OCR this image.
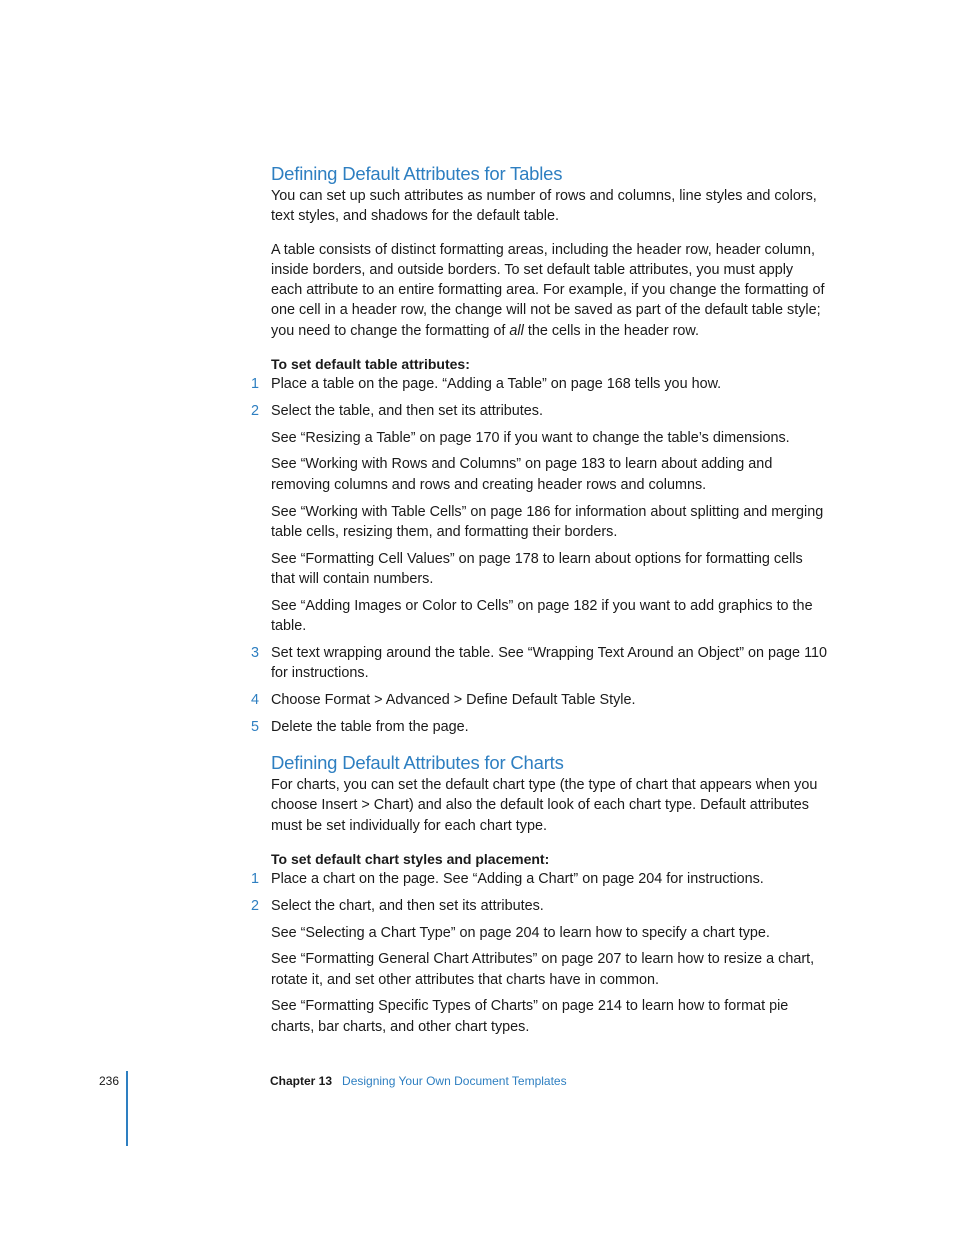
Defining Default Attributes for Tables

You can set up such attributes as number of rows and columns, line styles and colors, text styles, and shadows for the default table.

A table consists of distinct formatting areas, including the header row, header column, inside borders, and outside borders. To set default table attributes, you must apply each attribute to an entire formatting area. For example, if you change the formatting of one cell in a header row, the change will not be saved as part of the default table style; you need to change the formatting of all the cells in the header row.

To set default table attributes:

1 Place a table on the page. “Adding a Table” on page 168 tells you how.

2 Select the table, and then set its attributes.

See “Resizing a Table” on page 170 if you want to change the table’s dimensions.

See “Working with Rows and Columns” on page 183 to learn about adding and removing columns and rows and creating header rows and columns.

See “Working with Table Cells” on page 186 for information about splitting and merging table cells, resizing them, and formatting their borders.

See “Formatting Cell Values” on page 178 to learn about options for formatting cells that will contain numbers.

See “Adding Images or Color to Cells” on page 182 if you want to add graphics to the table.

3 Set text wrapping around the table. See “Wrapping Text Around an Object” on page 110 for instructions.

4 Choose Format > Advanced > Define Default Table Style.

5 Delete the table from the page.

Defining Default Attributes for Charts

For charts, you can set the default chart type (the type of chart that appears when you choose Insert > Chart) and also the default look of each chart type. Default attributes must be set individually for each chart type.

To set default chart styles and placement:

1 Place a chart on the page. See “Adding a Chart” on page 204 for instructions.

2 Select the chart, and then set its attributes.

See “Selecting a Chart Type” on page 204 to learn how to specify a chart type.

See “Formatting General Chart Attributes” on page 207 to learn how to resize a chart, rotate it, and set other attributes that charts have in common.

See “Formatting Specific Types of Charts” on page 214 to learn how to format pie charts, bar charts, and other chart types.

236	Chapter 13 Designing Your Own Document Templates
